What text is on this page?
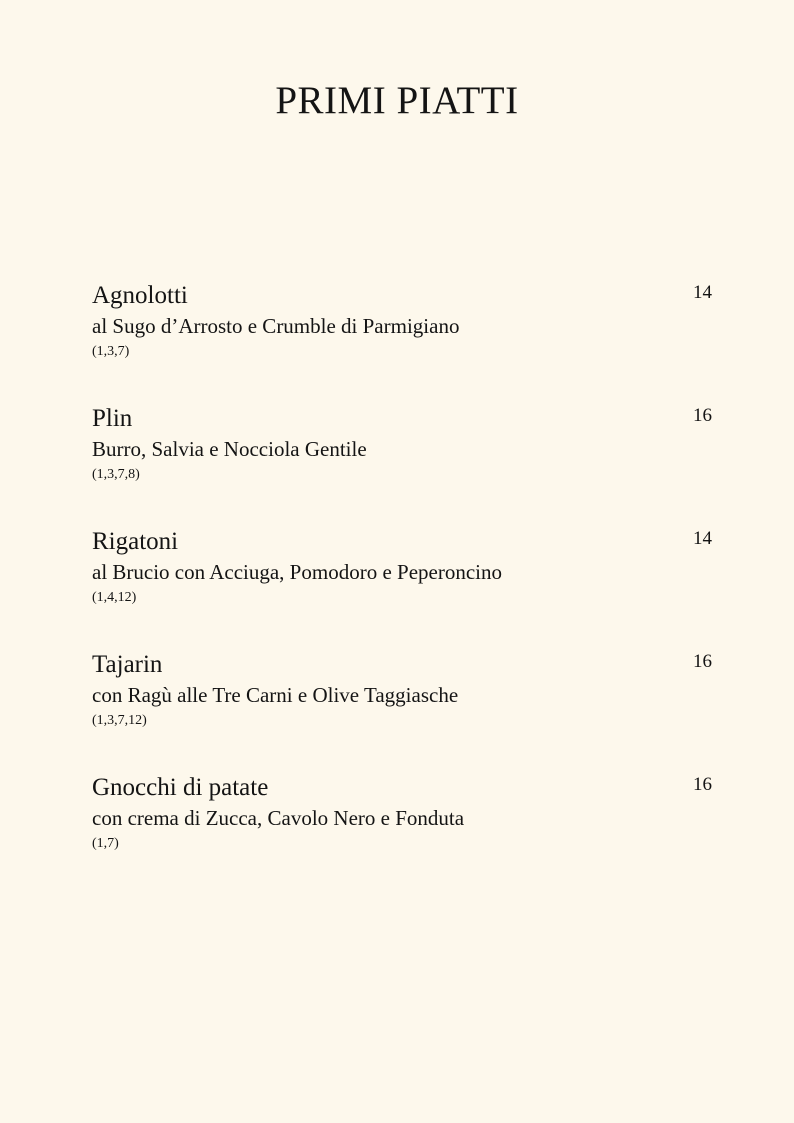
PRIMI PIATTI
Agnolotti
al Sugo d’Arrosto e Crumble di Parmigiano
(1,3,7)
14
Plin
Burro, Salvia e Nocciola Gentile
(1,3,7,8)
16
Rigatoni
al Brucio con Acciuga, Pomodoro e Peperoncino
(1,4,12)
14
Tajarin
con Ragù alle Tre Carni e Olive Taggiasche
(1,3,7,12)
16
Gnocchi di patate
con crema di Zucca, Cavolo Nero e Fonduta
(1,7)
16
